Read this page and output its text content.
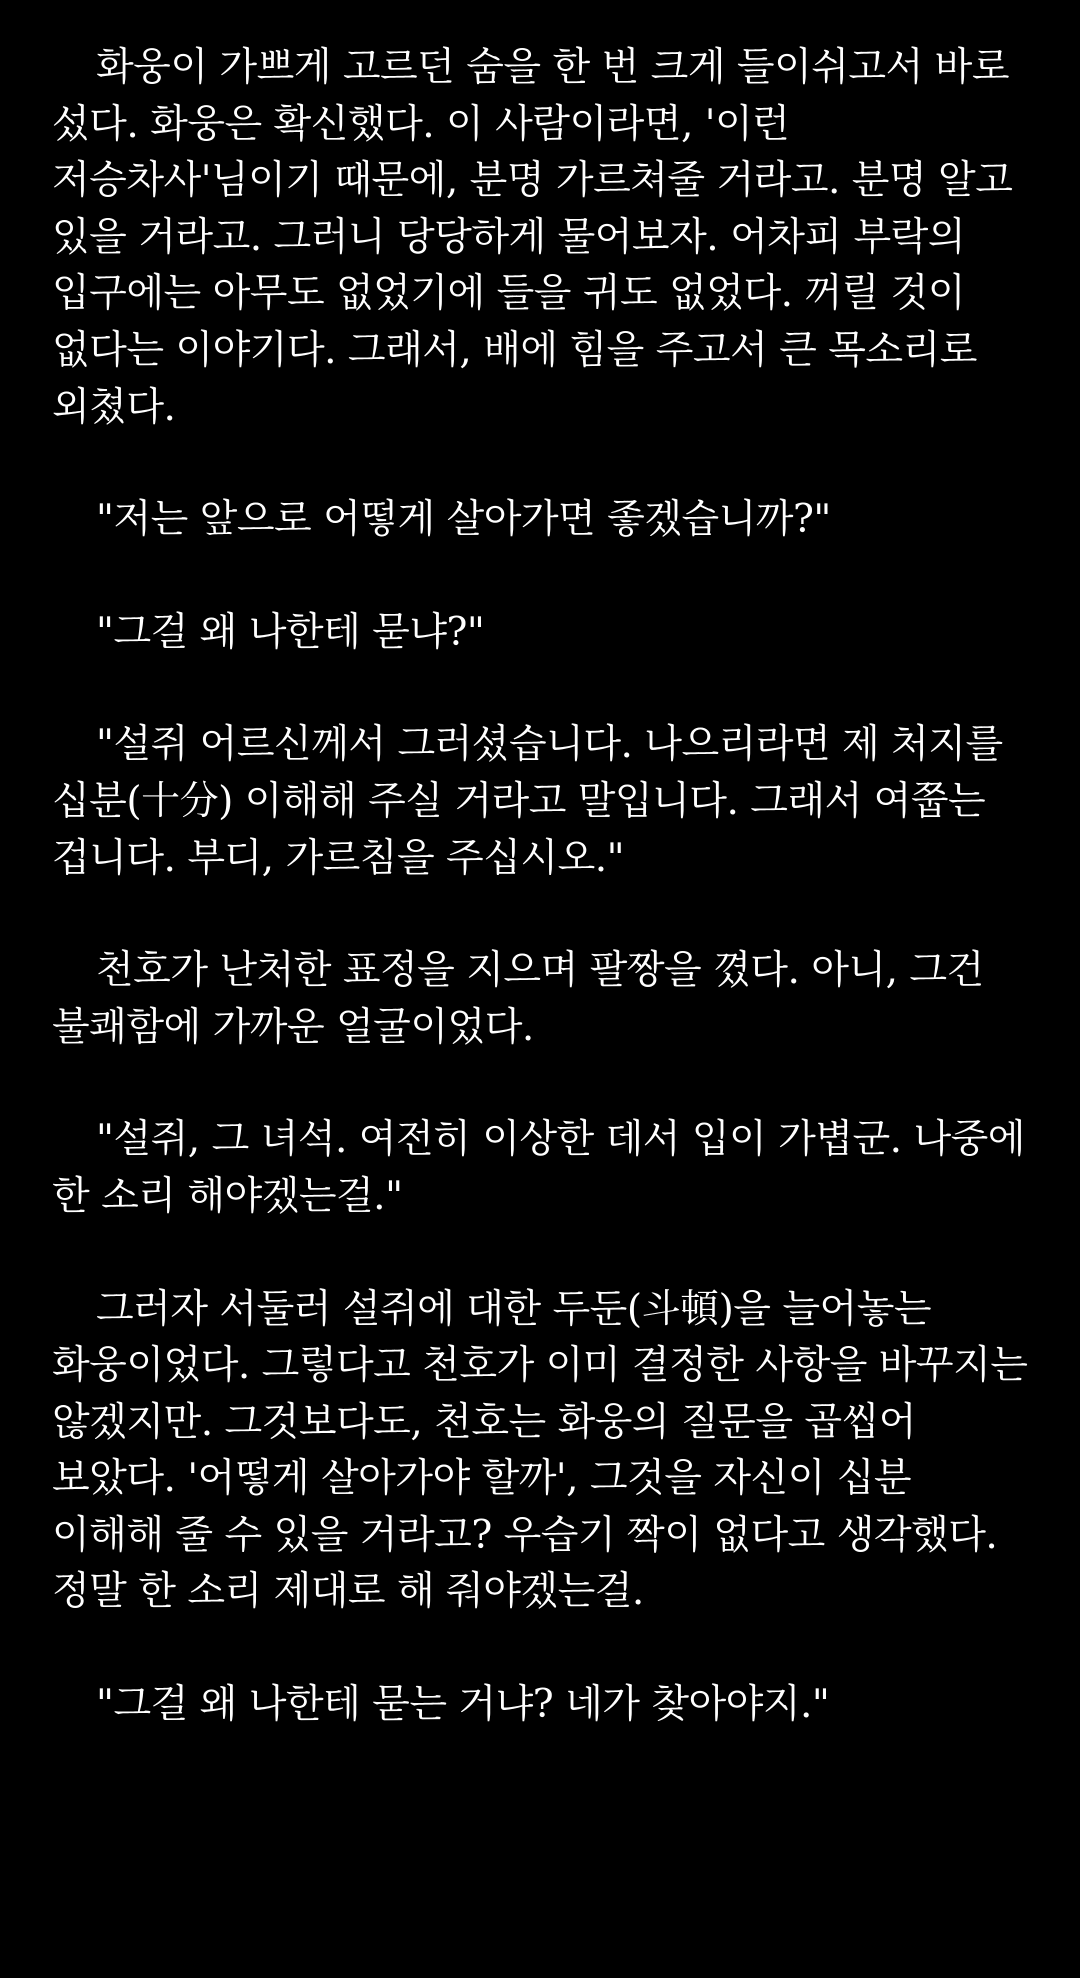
화웅이 가쁘게 고르던 숨을 한 번 크게 들이쉬고서 바로 섰다. 화웅은 확신했다. 이 사람이라면, '이런 저승차사'님이기 때문에, 분명 가르쳐줄 거라고. 분명 알고 있을 거라고. 그러니 당당하게 물어보자. 어차피 부락의 입구에는 아무도 없었기에 들을 귀도 없었다. 꺼릴 것이 없다는 이야기다. 그래서, 배에 힘을 주고서 큰 목소리로 외쳤다.

"저는 앞으로 어떻게 살아가면 좋겠습니까?"

"그걸 왜 나한테 묻냐?"

"설쥐 어르신께서 그러셨습니다. 나으리라면 제 처지를 십분(十分) 이해해 주실 거라고 말입니다. 그래서 여쭙는 겁니다. 부디, 가르침을 주십시오."

천호가 난처한 표정을 지으며 팔짱을 꼈다. 아니, 그건 불쾌함에 가까운 얼굴이었다.

"설쥐, 그 녀석. 여전히 이상한 데서 입이 가볍군. 나중에 한 소리 해야겠는걸."

그러자 서둘러 설쥐에 대한 두둔(斗頓)을 늘어놓는 화웅이었다. 그렇다고 천호가 이미 결정한 사항을 바꾸지는 않겠지만. 그것보다도, 천호는 화웅의 질문을 곱씹어 보았다. '어떻게 살아가야 할까', 그것을 자신이 십분 이해해 줄 수 있을 거라고? 우습기 짝이 없다고 생각했다. 정말 한 소리 제대로 해 줘야겠는걸.

"그걸 왜 나한테 묻는 거냐? 네가 찾아야지."
